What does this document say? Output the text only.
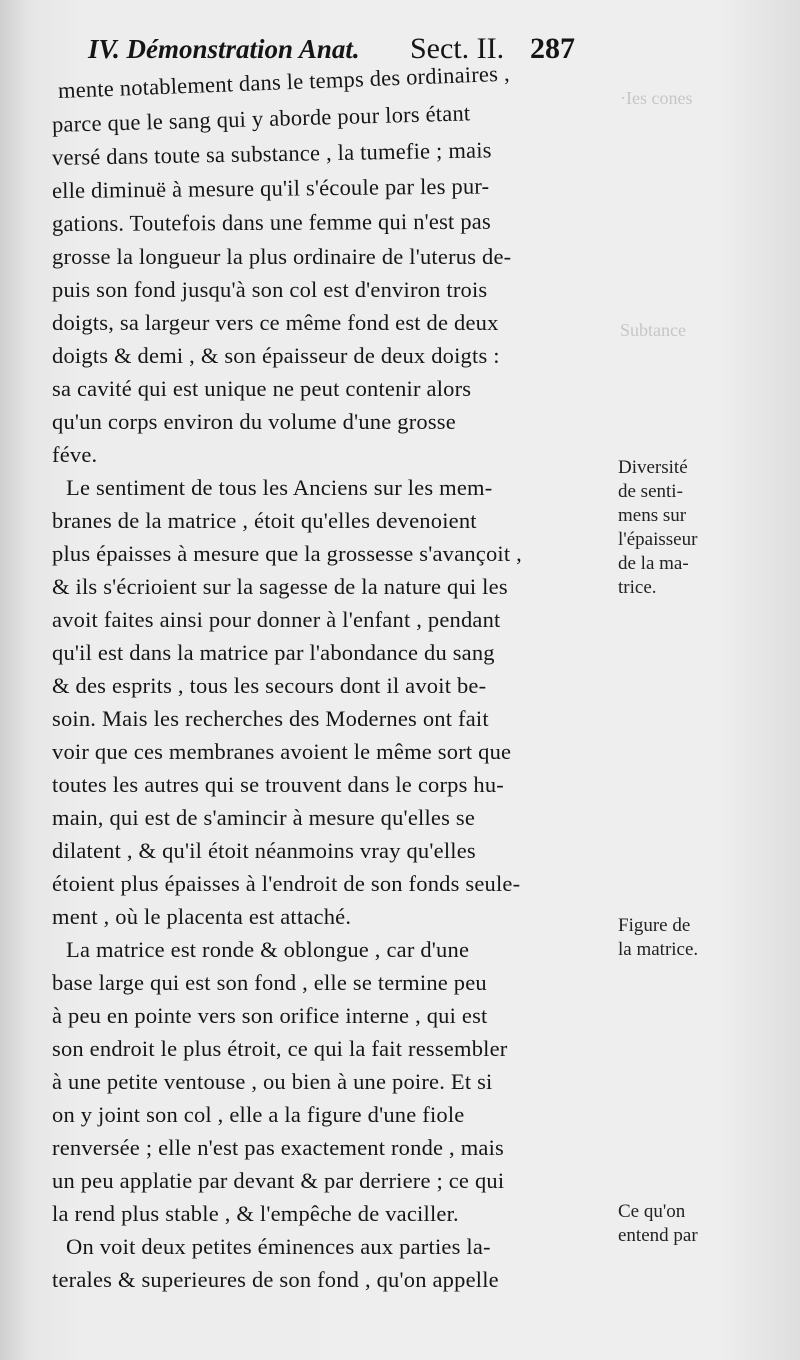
·Ies cones
Subtance
IV. Démonstration Anat. Sect. II. 287
mente notablement dans le temps des ordinaires ,
parce que le sang qui y aborde pour lors étant
versé dans toute sa substance , la tumefie ; mais
elle diminuë à mesure qu'il s'écoule par les pur-
gations. Toutefois dans une femme qui n'est pas
grosse la longueur la plus ordinaire de l'uterus de-
puis son fond jusqu'à son col est d'environ trois
doigts, sa largeur vers ce même fond est de deux
doigts & demi , & son épaisseur de deux doigts :
sa cavité qui est unique ne peut contenir alors
qu'un corps environ du volume d'une grosse
féve.
Le sentiment de tous les Anciens sur les mem-
branes de la matrice , étoit qu'elles devenoient
plus épaisses à mesure que la grossesse s'avançoit ,
& ils s'écrioient sur la sagesse de la nature qui les
avoit faites ainsi pour donner à l'enfant , pendant
qu'il est dans la matrice par l'abondance du sang
& des esprits , tous les secours dont il avoit be-
soin. Mais les recherches des Modernes ont fait
voir que ces membranes avoient le même sort que
toutes les autres qui se trouvent dans le corps hu-
main, qui est de s'amincir à mesure qu'elles se
dilatent , & qu'il étoit néanmoins vray qu'elles
étoient plus épaisses à l'endroit de son fonds seule-
ment , où le placenta est attaché.
La matrice est ronde & oblongue , car d'une
base large qui est son fond , elle se termine peu
à peu en pointe vers son orifice interne , qui est
son endroit le plus étroit, ce qui la fait ressembler
à une petite ventouse , ou bien à une poire. Et si
on y joint son col , elle a la figure d'une fiole
renversée ; elle n'est pas exactement ronde , mais
un peu applatie par devant & par derriere ; ce qui
la rend plus stable , & l'empêche de vaciller.
On voit deux petites éminences aux parties la-
terales & superieures de son fond , qu'on appelle
Diversité
de senti-
mens sur
l'épaisseur
de la ma-
trice.
Figure de
la matrice.
Ce qu'on
entend par
